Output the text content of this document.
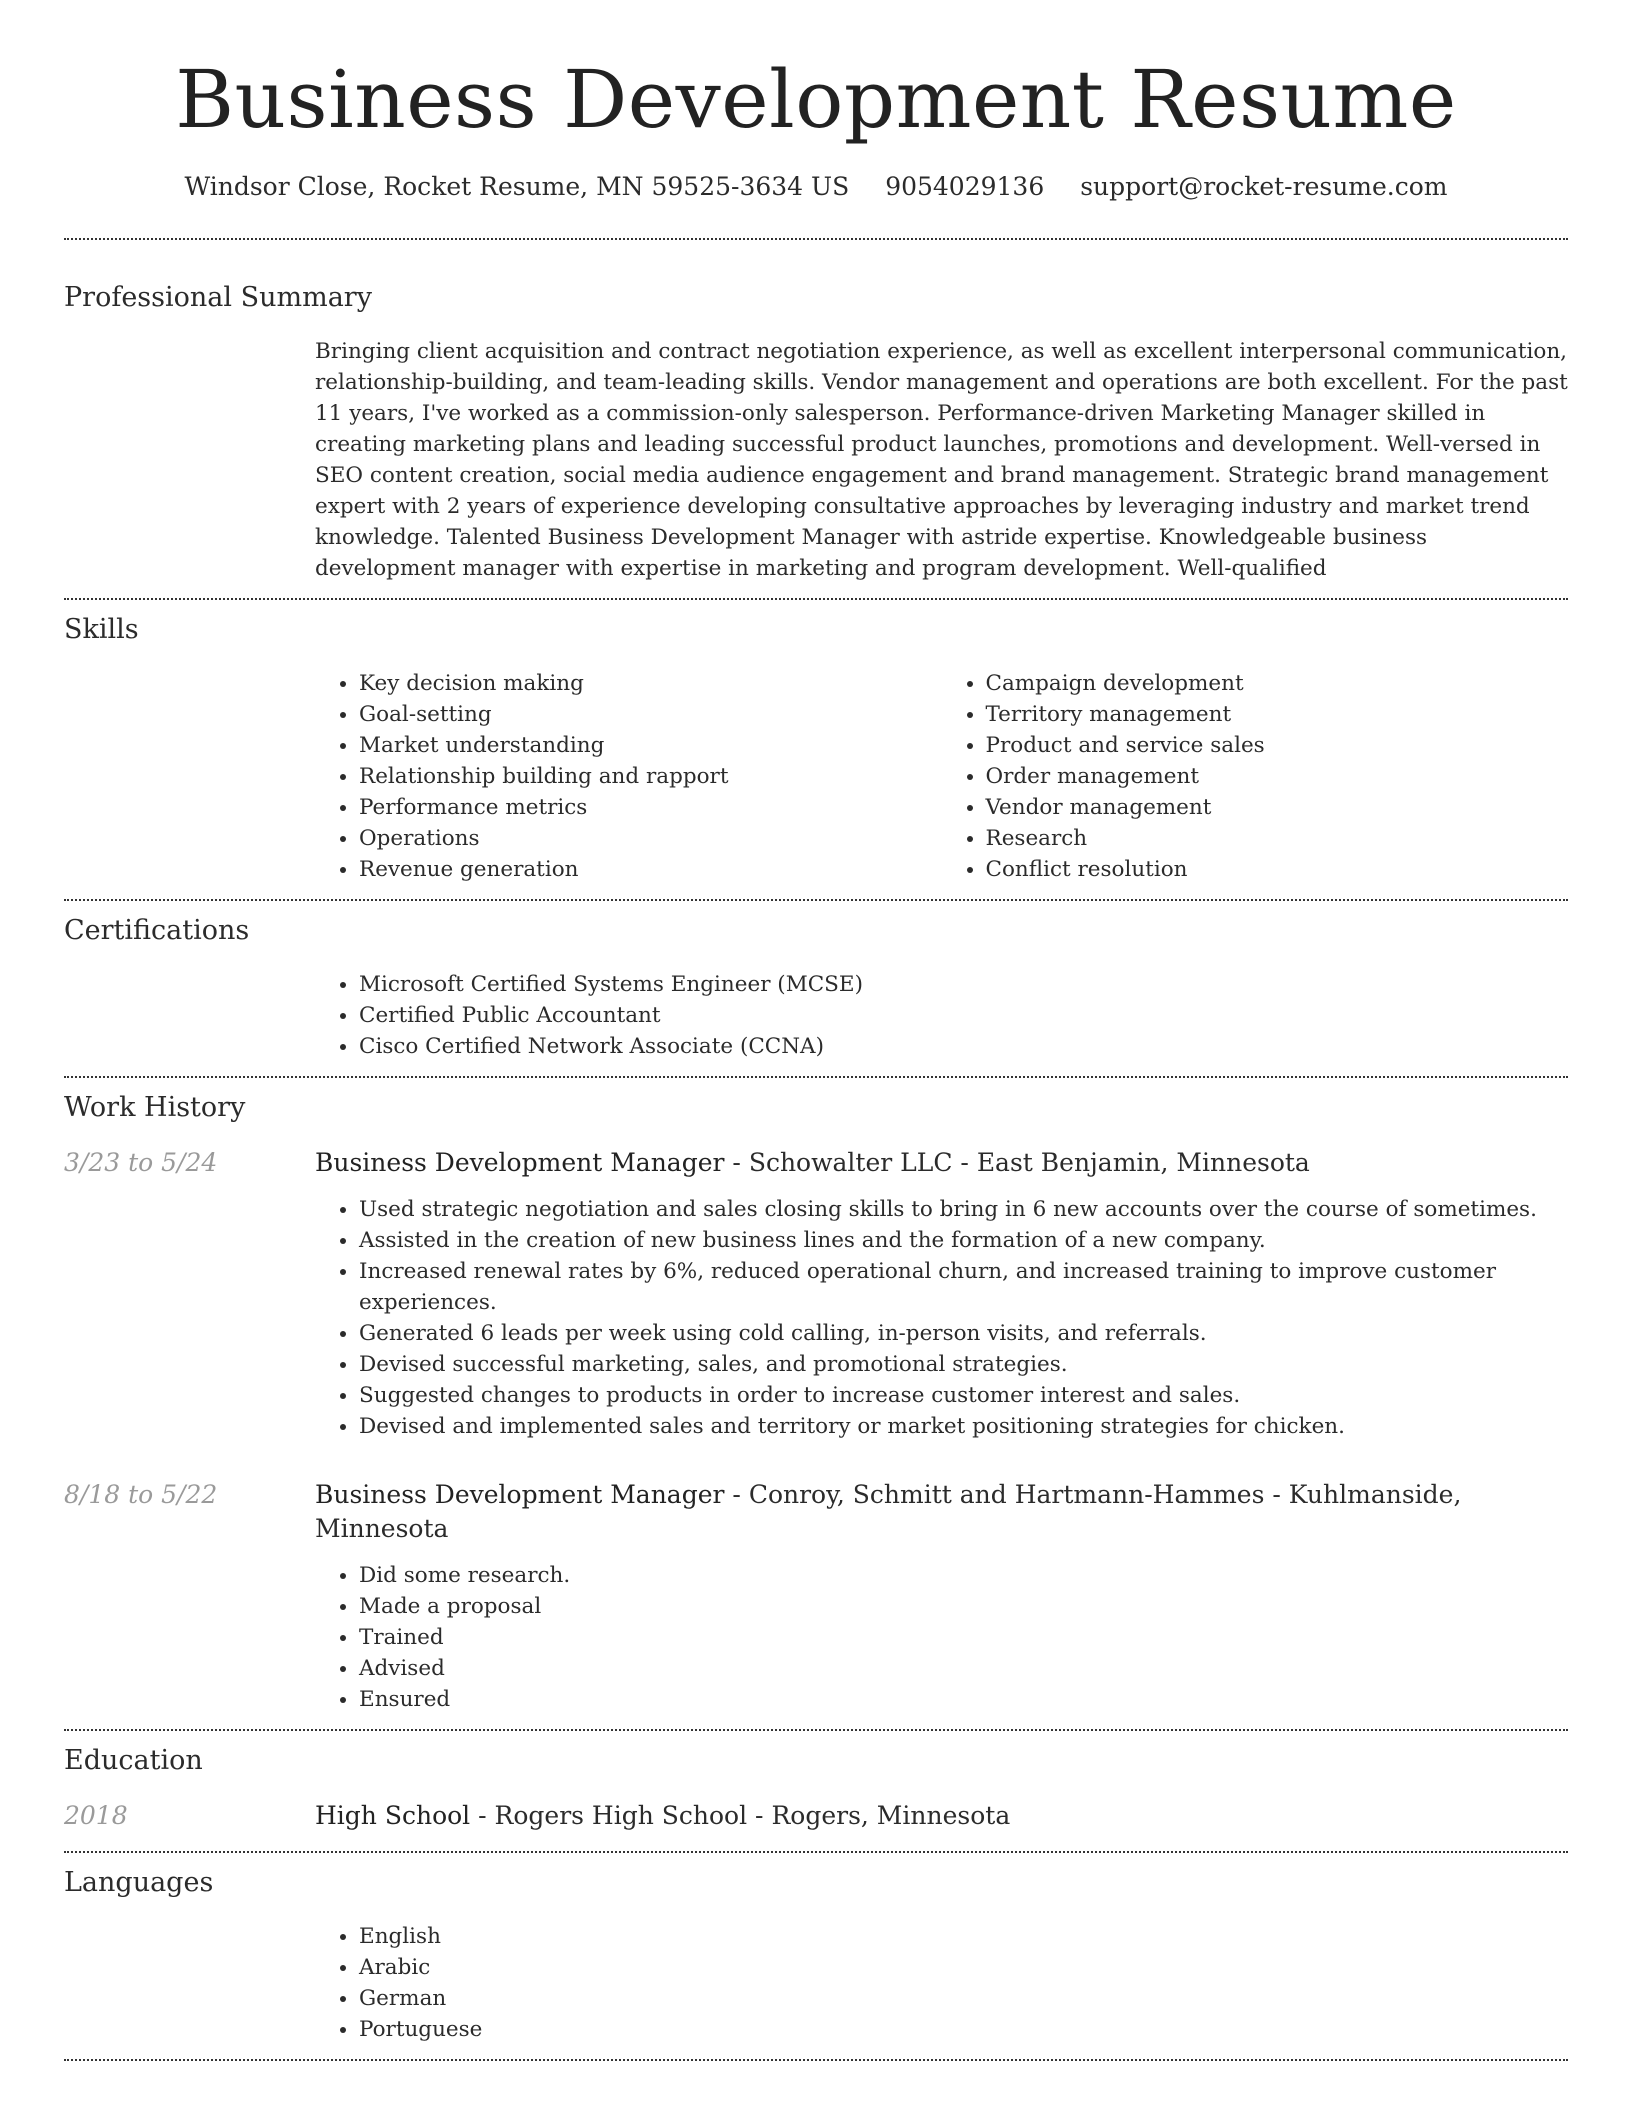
Business Development Resume
Windsor Close, Rocket Resume, MN 59525-3634 US 9054029136 support@rocket-resume.com
Professional Summary

Bringing client acquisition and contract negotiation experience, as well as excellent interpersonal communication, relationship-building, and team-leading skills. Vendor management and operations are both excellent. For the past 11 years, I've worked as a commission-only salesperson. Performance-driven Marketing Manager skilled in creating marketing plans and leading successful product launches, promotions and development. Well-versed in SEO content creation, social media audience engagement and brand management. Strategic brand management expert with 2 years of experience developing consultative approaches by leveraging industry and market trend knowledge. Talented Business Development Manager with astride expertise. Knowledgeable business development manager with expertise in marketing and program development. Well-qualified

Skills
• Key decision making
• Goal-setting
• Market understanding
• Relationship building and rapport
• Performance metrics
• Operations
• Revenue generation
• Campaign development
• Territory management
• Product and service sales
• Order management
• Vendor management
• Research
• Conflict resolution
Certifications
• Microsoft Certified Systems Engineer (MCSE)
• Certified Public Accountant
• Cisco Certified Network Associate (CCNA)
Work History
3/23 to 5/24	Business Development Manager - Schowalter LLC - East Benjamin, Minnesota
• Used strategic negotiation and sales closing skills to bring in 6 new accounts over the course of sometimes.
• Assisted in the creation of new business lines and the formation of a new company.
• Increased renewal rates by 6%, reduced operational churn, and increased training to improve customer experiences.
• Generated 6 leads per week using cold calling, in-person visits, and referrals.
• Devised successful marketing, sales, and promotional strategies.
• Suggested changes to products in order to increase customer interest and sales.
• Devised and implemented sales and territory or market positioning strategies for chicken.
8/18 to 5/22	Business Development Manager - Conroy, Schmitt and Hartmann-Hammes - Kuhlmanside, Minnesota
• Did some research.
• Made a proposal
• Trained
• Advised
• Ensured
Education
2018	High School - Rogers High School - Rogers, Minnesota
Languages
• English
• Arabic
• German
• Portuguese
